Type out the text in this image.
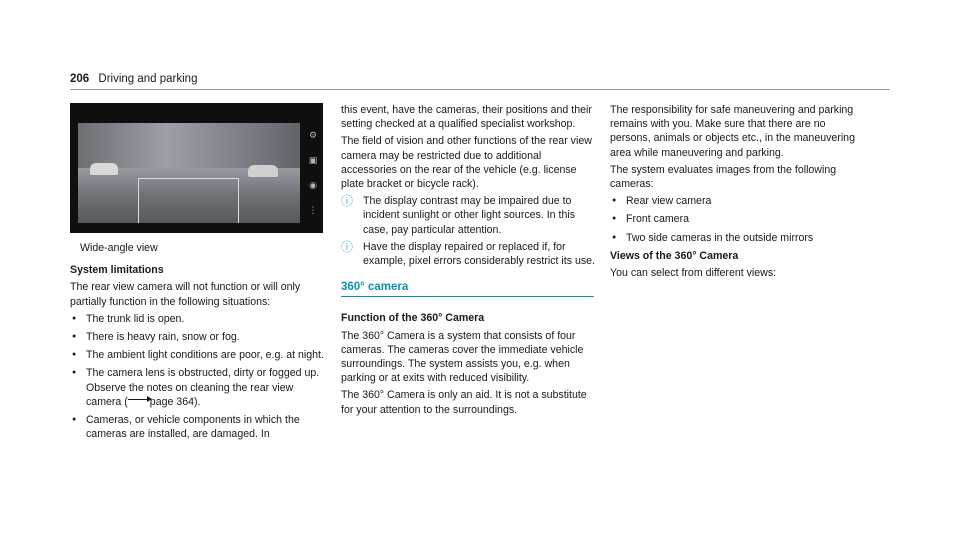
206 Driving and parking
⚙
▣
◉
⋮

Wide-angle view

System limitations

The rear view camera will not function or will only partially function in the following situations:

● The trunk lid is open.
● There is heavy rain, snow or fog.
● The ambient light conditions are poor, e.g. at night.
● The camera lens is obstructed, dirty or fogged up. Observe the notes on cleaning the rear view camera ( page 364).
● Cameras, or vehicle components in which the cameras are installed, are damaged. In

this event, have the cameras, their positions and their setting checked at a qualified specialist workshop.

The field of vision and other functions of the rear view camera may be restricted due to additional accessories on the rear of the vehicle (e.g. license plate bracket or bicycle rack).

ⓘ The display contrast may be impaired due to incident sunlight or other light sources. In this case, pay particular attention.
ⓘ Have the display repaired or replaced if, for example, pixel errors considerably restrict its use.
360° camera

Function of the 360° Camera

The 360° Camera is a system that consists of four cameras. The cameras cover the immediate vehicle surroundings. The system assists you, e.g. when parking or at exits with reduced visibility.

The 360° Camera is only an aid. It is not a substitute for your attention to the surroundings.

The responsibility for safe maneuvering and parking remains with you. Make sure that there are no persons, animals or objects etc., in the maneuvering area while maneuvering and parking.

The system evaluates images from the following cameras:

● Rear view camera
● Front camera
● Two side cameras in the outside mirrors

Views of the 360° Camera

You can select from different views:
